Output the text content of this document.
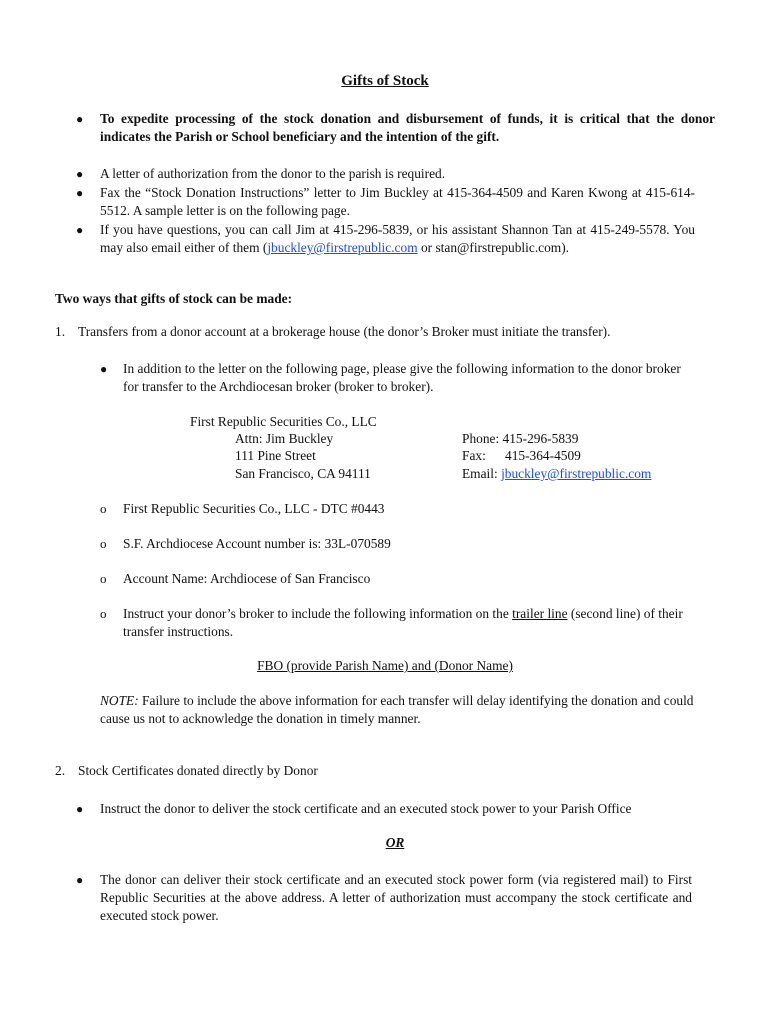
Gifts of Stock
● To expedite processing of the stock donation and disbursement of funds, it is critical that the donor indicates the Parish or School beneficiary and the intention of the gift.
● A letter of authorization from the donor to the parish is required.
● Fax the “Stock Donation Instructions” letter to Jim Buckley at 415-364-4509 and Karen Kwong at 415-614-5512. A sample letter is on the following page.
● If you have questions, you can call Jim at 415-296-5839, or his assistant Shannon Tan at 415-249-5578. You may also email either of them (jbuckley@firstrepublic.com or stan@firstrepublic.com).
Two ways that gifts of stock can be made:
1. Transfers from a donor account at a brokerage house (the donor’s Broker must initiate the transfer).
● In addition to the letter on the following page, please give the following information to the donor broker for transfer to the Archdiocesan broker (broker to broker).
First Republic Securities Co., LLC
Attn: Jim Buckley
111 Pine Street
San Francisco, CA 94111
Phone: 415-296-5839
Fax: 415-364-4509
Email: jbuckley@firstrepublic.com
o First Republic Securities Co., LLC - DTC #0443
o S.F. Archdiocese Account number is: 33L-070589
o Account Name: Archdiocese of San Francisco
o Instruct your donor’s broker to include the following information on the trailer line (second line) of their transfer instructions.
FBO (provide Parish Name) and (Donor Name)
NOTE: Failure to include the above information for each transfer will delay identifying the donation and could cause us not to acknowledge the donation in timely manner.
2. Stock Certificates donated directly by Donor
● Instruct the donor to deliver the stock certificate and an executed stock power to your Parish Office
OR
● The donor can deliver their stock certificate and an executed stock power form (via registered mail) to First Republic Securities at the above address. A letter of authorization must accompany the stock certificate and executed stock power.
